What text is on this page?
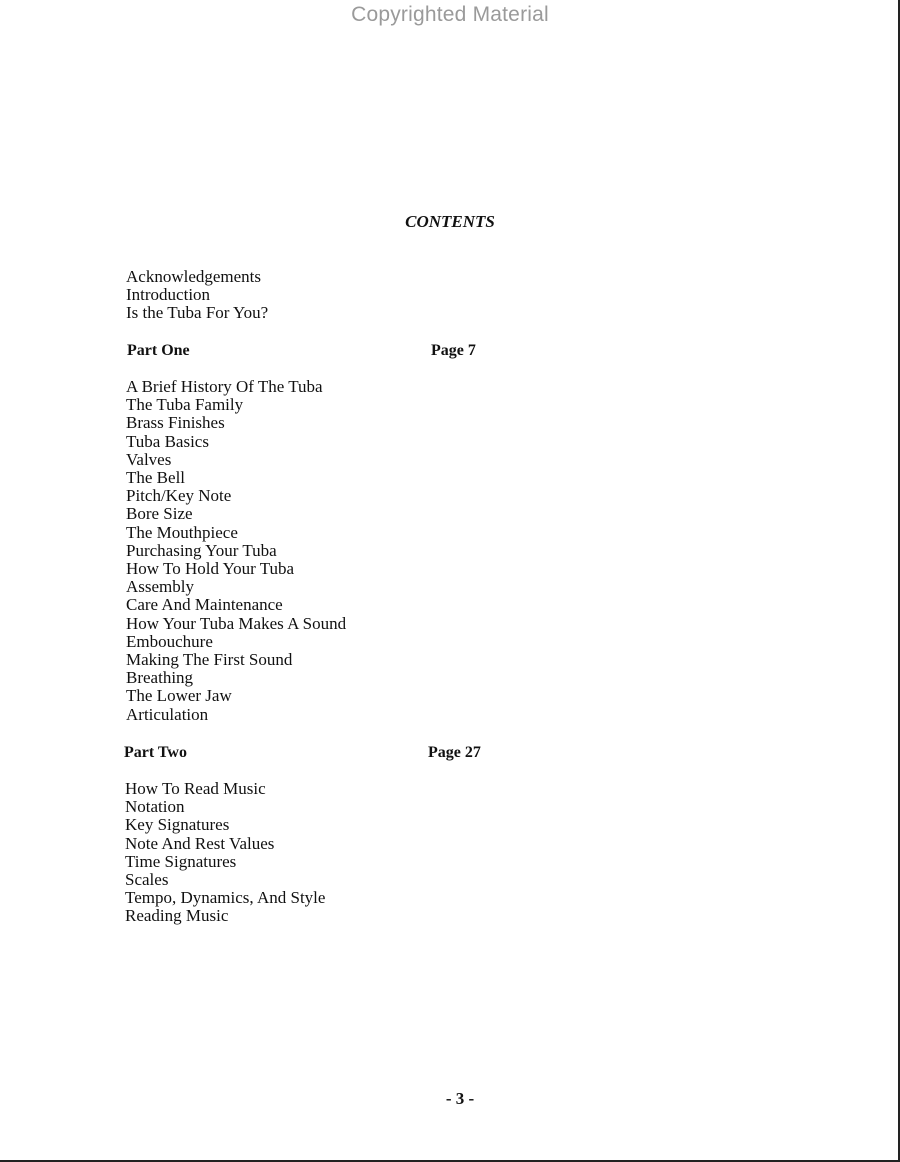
Copyrighted Material
CONTENTS
Acknowledgements
Introduction
Is the Tuba For You?
Part One	Page 7
A Brief History Of The Tuba
The Tuba Family
Brass Finishes
Tuba Basics
Valves
The Bell
Pitch/Key Note
Bore Size
The Mouthpiece
Purchasing Your Tuba
How To Hold Your Tuba
Assembly
Care And Maintenance
How Your Tuba Makes A Sound
Embouchure
Making The First Sound
Breathing
The Lower Jaw
Articulation
Part Two	Page 27
How To Read Music
Notation
Key Signatures
Note And Rest Values
Time Signatures
Scales
Tempo, Dynamics, And Style
Reading Music
- 3 -
